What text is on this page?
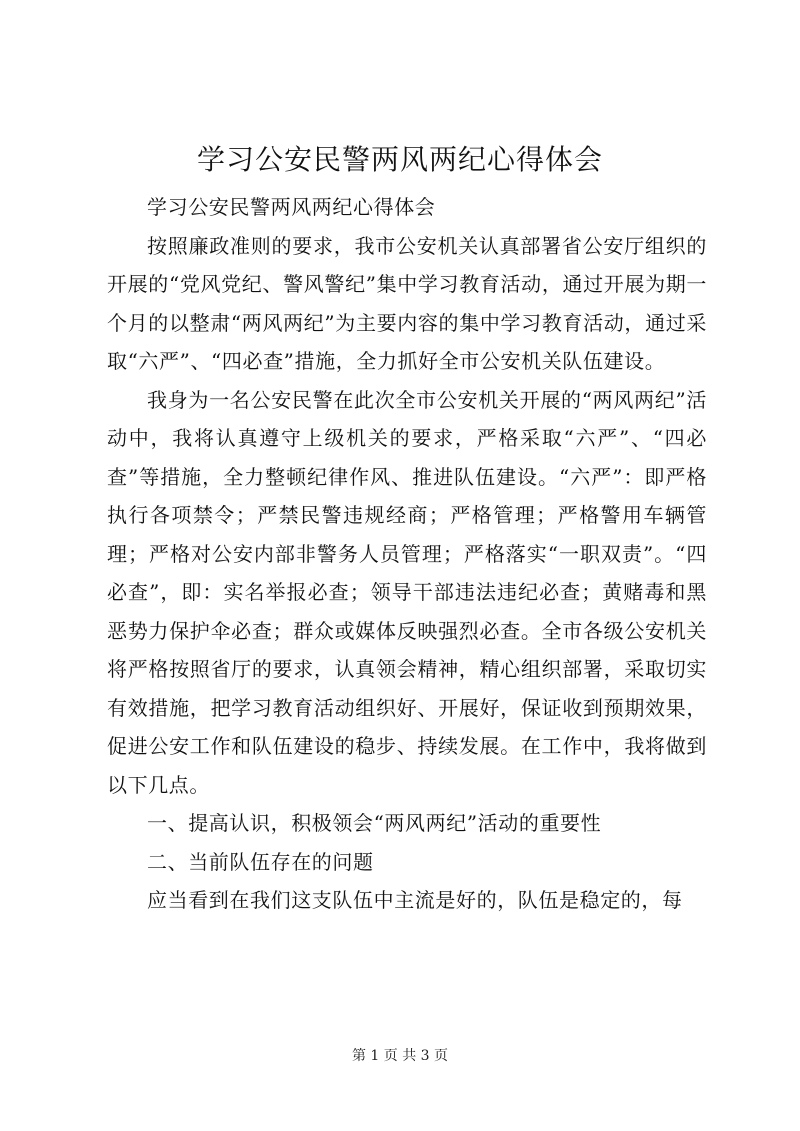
学习公安民警两风两纪心得体会

学习公安民警两风两纪心得体会

按照廉政准则的要求，我市公安机关认真部署省公安厅组织的开展的“党风党纪、警风警纪”集中学习教育活动，通过开展为期一个月的以整肃“两风两纪”为主要内容的集中学习教育活动，通过采取“六严”、“四必查”措施，全力抓好全市公安机关队伍建设。

我身为一名公安民警在此次全市公安机关开展的“两风两纪”活动中，我将认真遵守上级机关的要求，严格采取“六严”、“四必查”等措施，全力整顿纪律作风、推进队伍建设。“六严”：即严格执行各项禁令；严禁民警违规经商；严格管理；严格警用车辆管理；严格对公安内部非警务人员管理；严格落实“一职双责”。“四必查”，即：实名举报必查；领导干部违法违纪必查；黄赌毒和黑恶势力保护伞必查；群众或媒体反映强烈必查。全市各级公安机关将严格按照省厅的要求，认真领会精神，精心组织部署，采取切实有效措施，把学习教育活动组织好、开展好，保证收到预期效果，促进公安工作和队伍建设的稳步、持续发展。在工作中，我将做到以下几点。

一、提高认识，积极领会“两风两纪”活动的重要性

二、当前队伍存在的问题

应当看到在我们这支队伍中主流是好的，队伍是稳定的，每

第 1 页 共 3 页
